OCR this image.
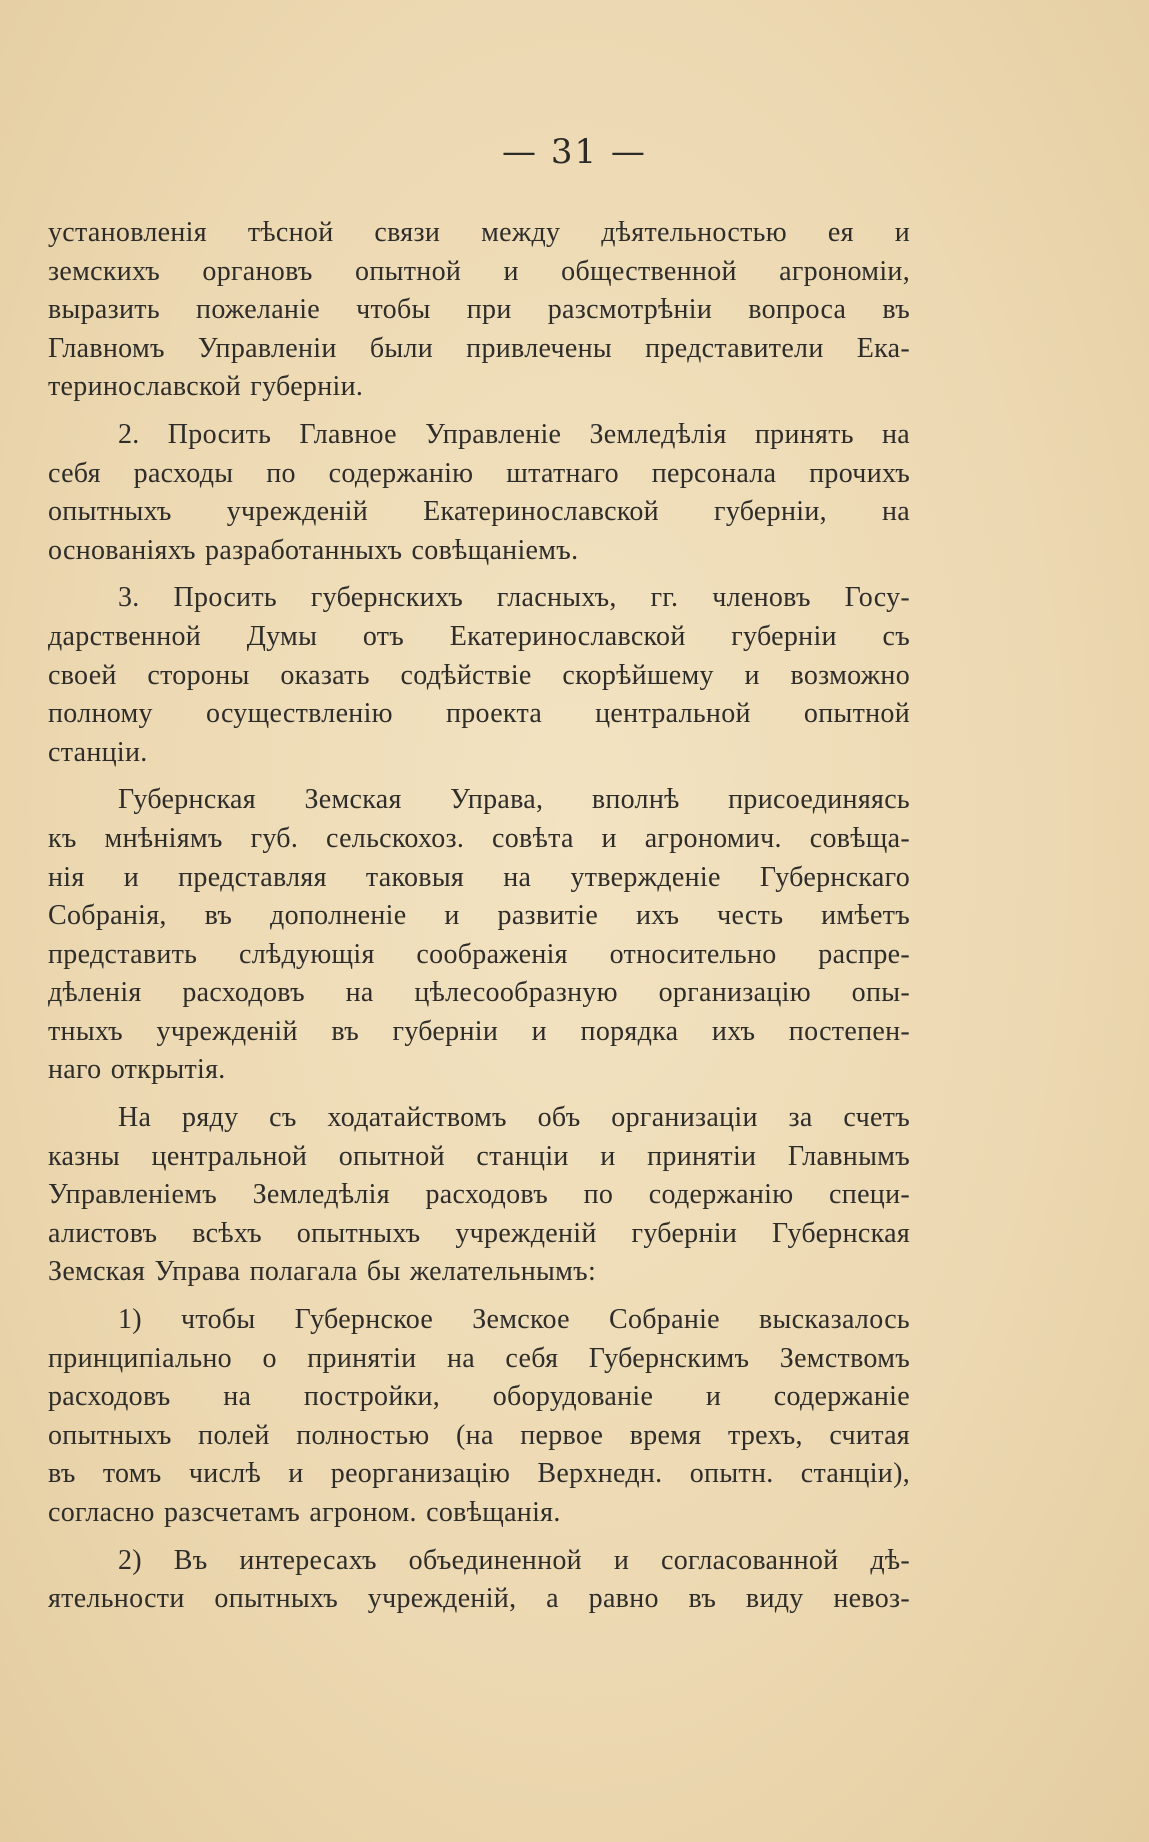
— 31 —
установленія тѣсной связи между дѣятельностью ея и
земскихъ органовъ опытной и общественной агрономіи,
выразить пожеланіе чтобы при разсмотрѣніи вопроса въ
Главномъ Управленіи были привлечены представители Ека-
теринославской губерніи.
2. Просить Главное Управленіе Земледѣлія принять на
себя расходы по содержанію штатнаго персонала прочихъ
опытныхъ учрежденій Екатеринославской губерніи, на
основаніяхъ разработанныхъ совѣщаніемъ.
3. Просить губернскихъ гласныхъ, гг. членовъ Госу-
дарственной Думы отъ Екатеринославской губерніи съ
своей стороны оказать содѣйствіе скорѣйшему и возможно
полному осуществленію проекта центральной опытной
станціи.
Губернская Земская Управа, вполнѣ присоединяясь
къ мнѣніямъ губ. сельскохоз. совѣта и агрономич. совѣща-
нія и представляя таковыя на утвержденіе Губернскаго
Собранія, въ дополненіе и развитіе ихъ честь имѣетъ
представить слѣдующія соображенія относительно распре-
дѣленія расходовъ на цѣлесообразную организацію опы-
тныхъ учрежденій въ губерніи и порядка ихъ постепен-
наго открытія.
На ряду съ ходатайствомъ объ организаціи за счетъ
казны центральной опытной станціи и принятіи Главнымъ
Управленіемъ Земледѣлія расходовъ по содержанію специ-
алистовъ всѣхъ опытныхъ учрежденій губерніи Губернская
Земская Управа полагала бы желательнымъ:
1) чтобы Губернское Земское Собраніе высказалось
принципіально о принятіи на себя Губернскимъ Земствомъ
расходовъ на постройки, оборудованіе и содержаніе
опытныхъ полей полностью (на первое время трехъ, считая
въ томъ числѣ и реорганизацію Верхнедн. опытн. станціи),
согласно разсчетамъ агроном. совѣщанія.
2) Въ интересахъ объединенной и согласованной дѣ-
ятельности опытныхъ учрежденій, а равно въ виду невоз-
